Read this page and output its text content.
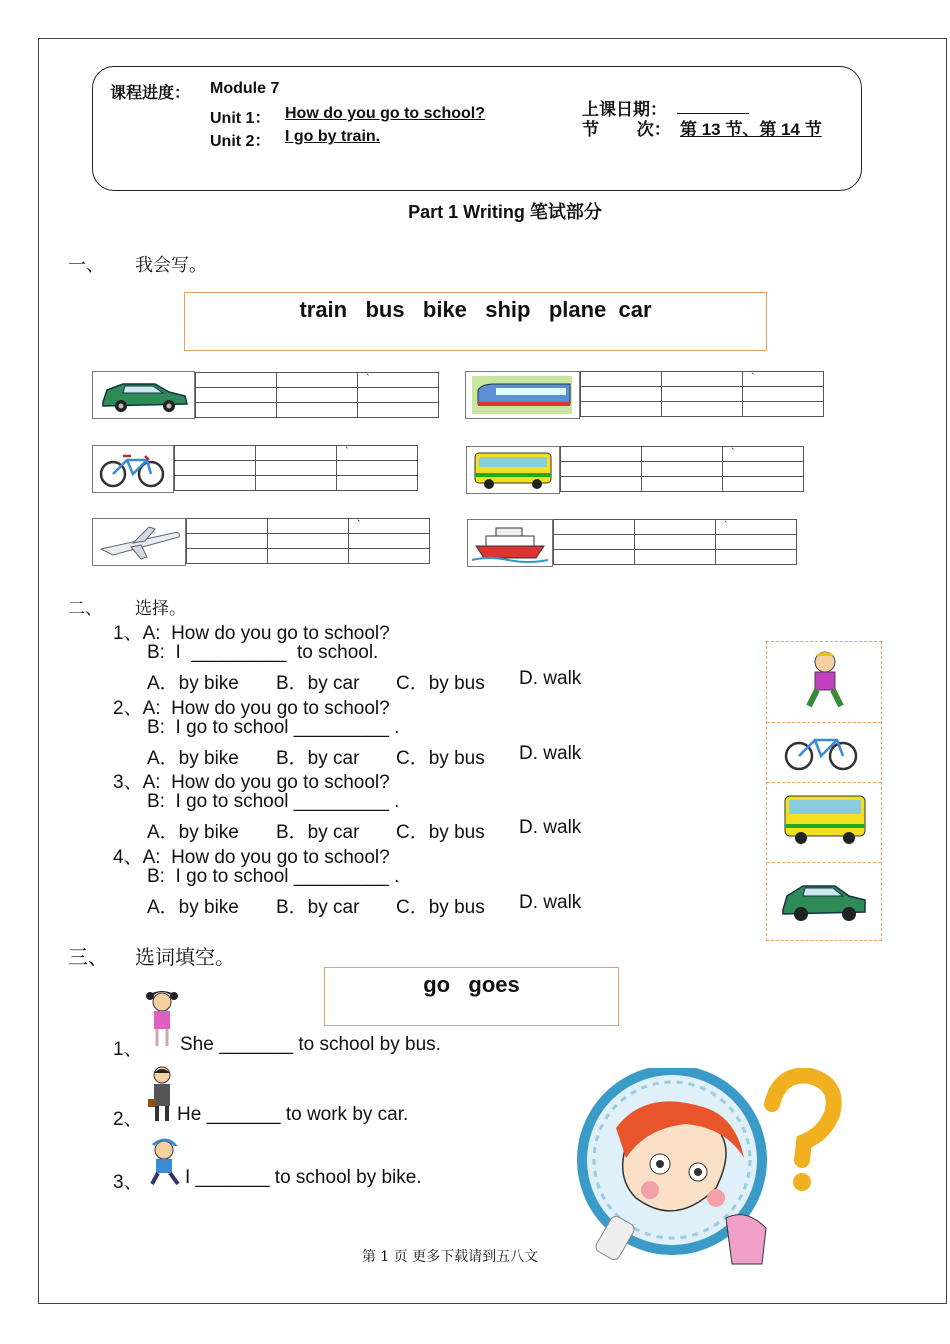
课程进度： Module 7
Unit 1： How do you go to school?
Unit 2： I go by train.
上课日期：
节        次： 第 13 节、第 14 节
Part 1 Writing 笔试部分
一、 我会写。
train   bus   bike   ship   plane  car
		`

			`

		`

			`

		`

			`

二、 选择。
1、A:  How do you go to school?
B:  I  _________  to school.
A．by bike B．by car C．by bus D. walk
2、A:  How do you go to school?
B:  I go to school _________ .
A．by bike B．by car C．by bus D. walk
3、A:  How do you go to school?
B:  I go to school _________ .
A．by bike B．by car C．by bus D. walk
4、A:  How do you go to school?
B:  I go to school _________ .
A．by bike B．by car C．by bus D. walk
三、 选词填空。
go   goes
1、 She _______ to school by bus.
2、 He _______ to work by car.
3、 I _______ to school by bike.
第 1 页 更多下载请到五八文
